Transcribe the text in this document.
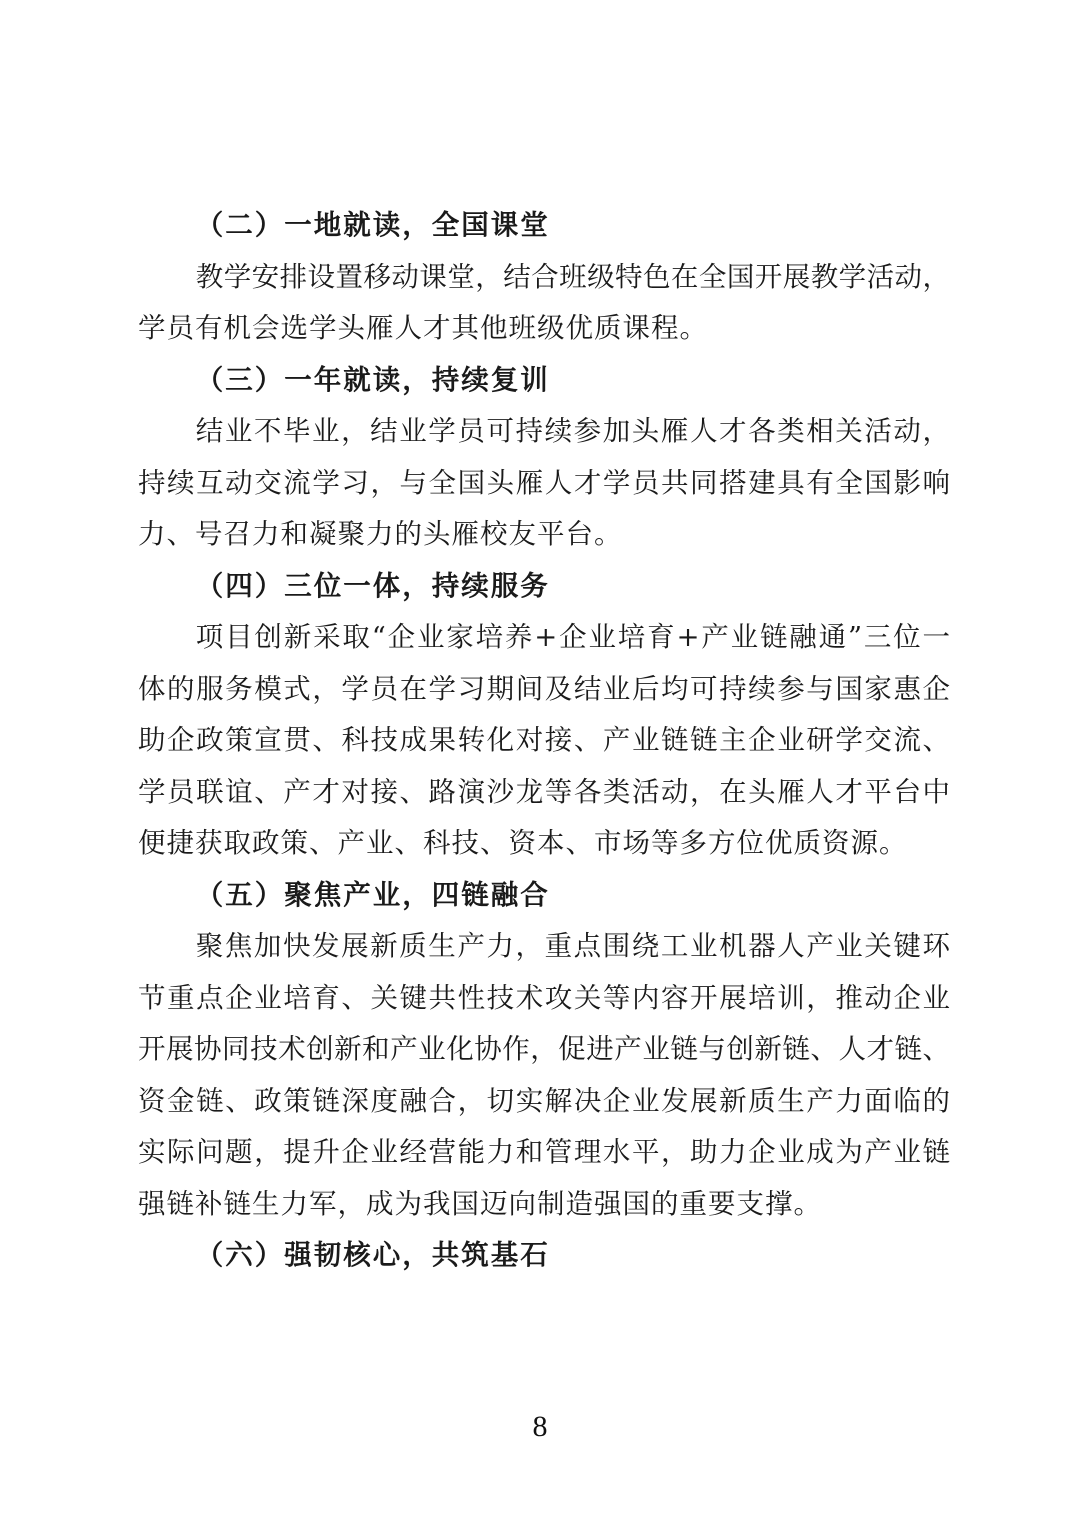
（二）一地就读，全国课堂
教学安排设置移动课堂，结合班级特色在全国开展教学活动，
学员有机会选学头雁人才其他班级优质课程。
（三）一年就读，持续复训
结业不毕业，结业学员可持续参加头雁人才各类相关活动，
持续互动交流学习，与全国头雁人才学员共同搭建具有全国影响
力、号召力和凝聚力的头雁校友平台。
（四）三位一体，持续服务
项目创新采取“企业家培养+企业培育+产业链融通”三位一
体的服务模式，学员在学习期间及结业后均可持续参与国家惠企
助企政策宣贯、科技成果转化对接、产业链链主企业研学交流、
学员联谊、产才对接、路演沙龙等各类活动，在头雁人才平台中
便捷获取政策、产业、科技、资本、市场等多方位优质资源。
（五）聚焦产业，四链融合
聚焦加快发展新质生产力，重点围绕工业机器人产业关键环
节重点企业培育、关键共性技术攻关等内容开展培训，推动企业
开展协同技术创新和产业化协作，促进产业链与创新链、人才链、
资金链、政策链深度融合，切实解决企业发展新质生产力面临的
实际问题，提升企业经营能力和管理水平，助力企业成为产业链
强链补链生力军，成为我国迈向制造强国的重要支撑。
（六）强韧核心，共筑基石
8
